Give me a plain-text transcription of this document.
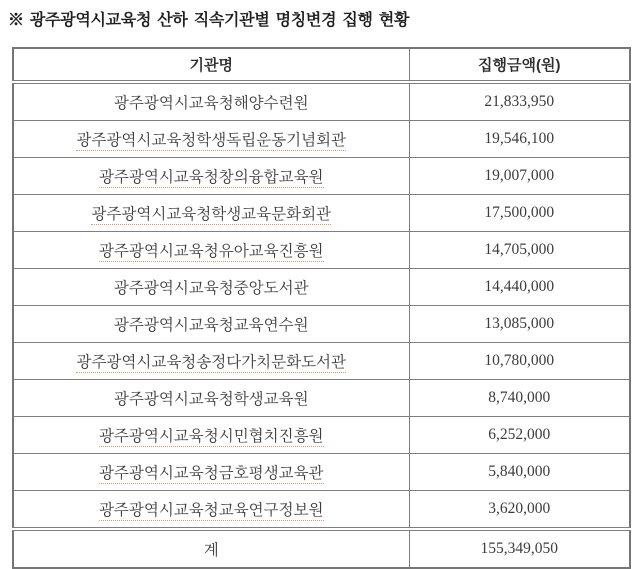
※ 광주광역시교육청 산하 직속기관별 명칭변경 집행 현황
기관명	집행금액(원)
광주광역시교육청해양수련원	21,833,950
광주광역시교육청학생독립운동기념회관	19,546,100
광주광역시교육청창의융합교육원	19,007,000
광주광역시교육청학생교육문화회관	17,500,000
광주광역시교육청유아교육진흥원	14,705,000
광주광역시교육청중앙도서관	14,440,000
광주광역시교육청교육연수원	13,085,000
광주광역시교육청송정다가치문화도서관	10,780,000
광주광역시교육청학생교육원	8,740,000
광주광역시교육청시민협치진흥원	6,252,000
광주광역시교육청금호평생교육관	5,840,000
광주광역시교육청교육연구정보원	3,620,000
계	155,349,050
